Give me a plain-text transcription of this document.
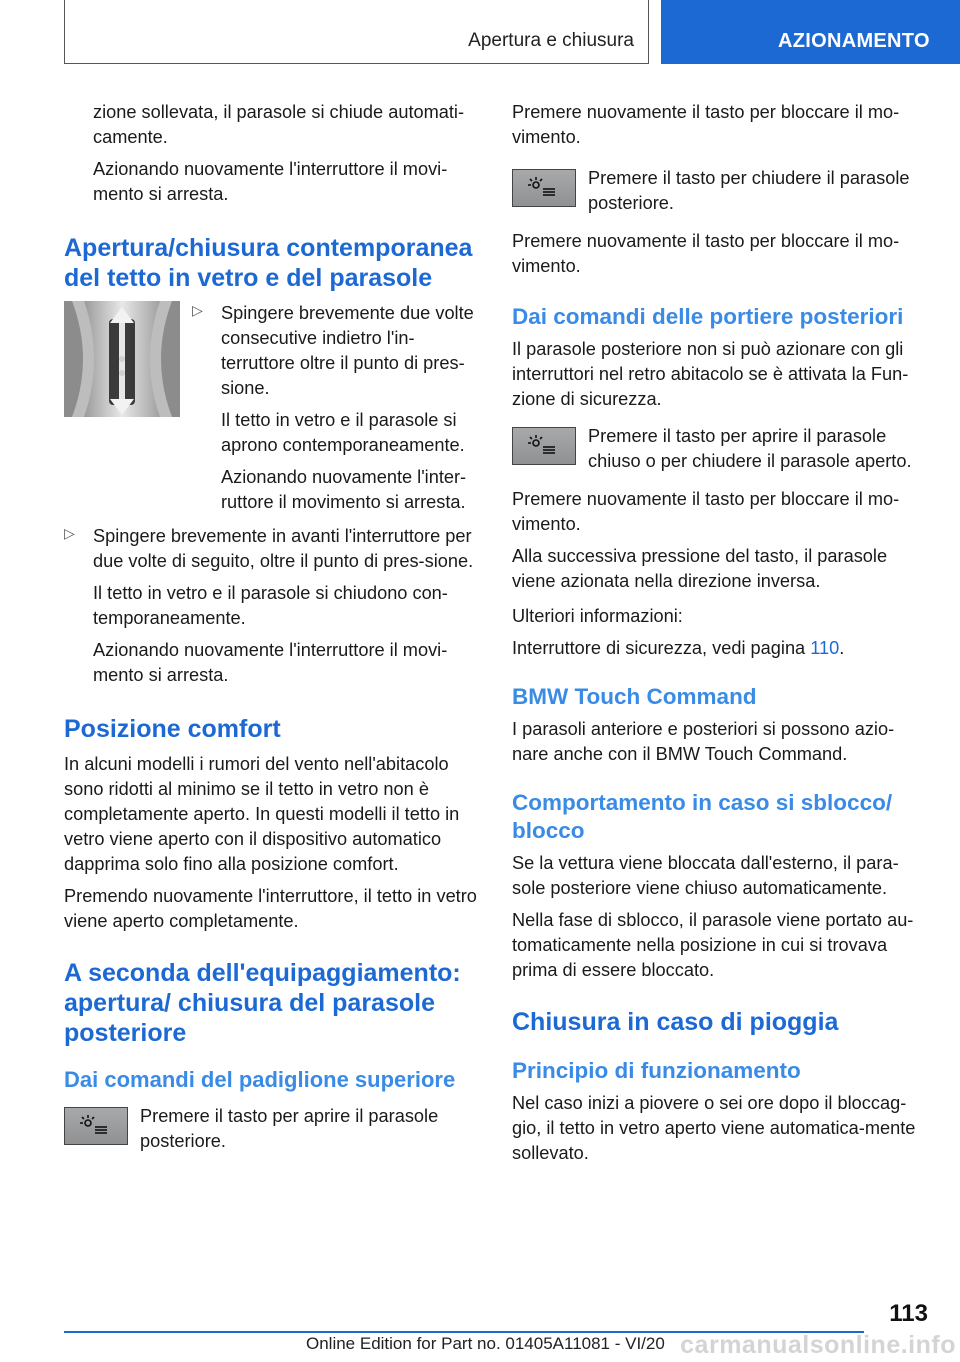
Apertura e chiusura	AZIONAMENTO

zione sollevata, il parasole si chiude automati-camente.

Azionando nuovamente l'interruttore il movi-mento si arresta.

Apertura/chiusura contemporanea del tetto in vetro e del parasole
▷ Spingere brevemente due volte consecutive indietro l'in-terruttore oltre il punto di pres-sione.

Il tetto in vetro e il parasole si aprono contemporaneamente.

Azionando nuovamente l'inter-ruttore il movimento si arresta.

▷ Spingere brevemente in avanti l'interruttore per due volte di seguito, oltre il punto di pres-sione.

Il tetto in vetro e il parasole si chiudono con-temporaneamente.

Azionando nuovamente l'interruttore il movi-mento si arresta.

Posizione comfort

In alcuni modelli i rumori del vento nell'abitacolo sono ridotti al minimo se il tetto in vetro non è completamente aperto. In questi modelli il tetto in vetro viene aperto con il dispositivo automatico dapprima solo fino alla posizione comfort.

Premendo nuovamente l'interruttore, il tetto in vetro viene aperto completamente.

A seconda dell'equipaggiamento: apertura/ chiusura del parasole posteriore
Dai comandi del padiglione superiore

Premere il tasto per aprire il parasole posteriore.

Premere nuovamente il tasto per bloccare il mo-vimento.

Premere il tasto per chiudere il parasole posteriore.

Premere nuovamente il tasto per bloccare il mo-vimento.

Dai comandi delle portiere posteriori

Il parasole posteriore non si può azionare con gli interruttori nel retro abitacolo se è attivata la Fun-zione di sicurezza.

Premere il tasto per aprire il parasole chiuso o per chiudere il parasole aperto.

Premere nuovamente il tasto per bloccare il mo-vimento.

Alla successiva pressione del tasto, il parasole viene azionata nella direzione inversa.

Ulteriori informazioni:

Interruttore di sicurezza, vedi pagina 110.

BMW Touch Command

I parasoli anteriore e posteriori si possono azio-nare anche con il BMW Touch Command.

Comportamento in caso si sblocco/ blocco

Se la vettura viene bloccata dall'esterno, il para-sole posteriore viene chiuso automaticamente.

Nella fase di sblocco, il parasole viene portato au-tomaticamente nella posizione in cui si trovava prima di essere bloccato.

Chiusura in caso di pioggia
Principio di funzionamento

Nel caso inizi a piovere o sei ore dopo il bloccag-gio, il tetto in vetro aperto viene automatica-mente sollevato.

113
Online Edition for Part no. 01405A11081 - VI/20 carmanualsonline.info
